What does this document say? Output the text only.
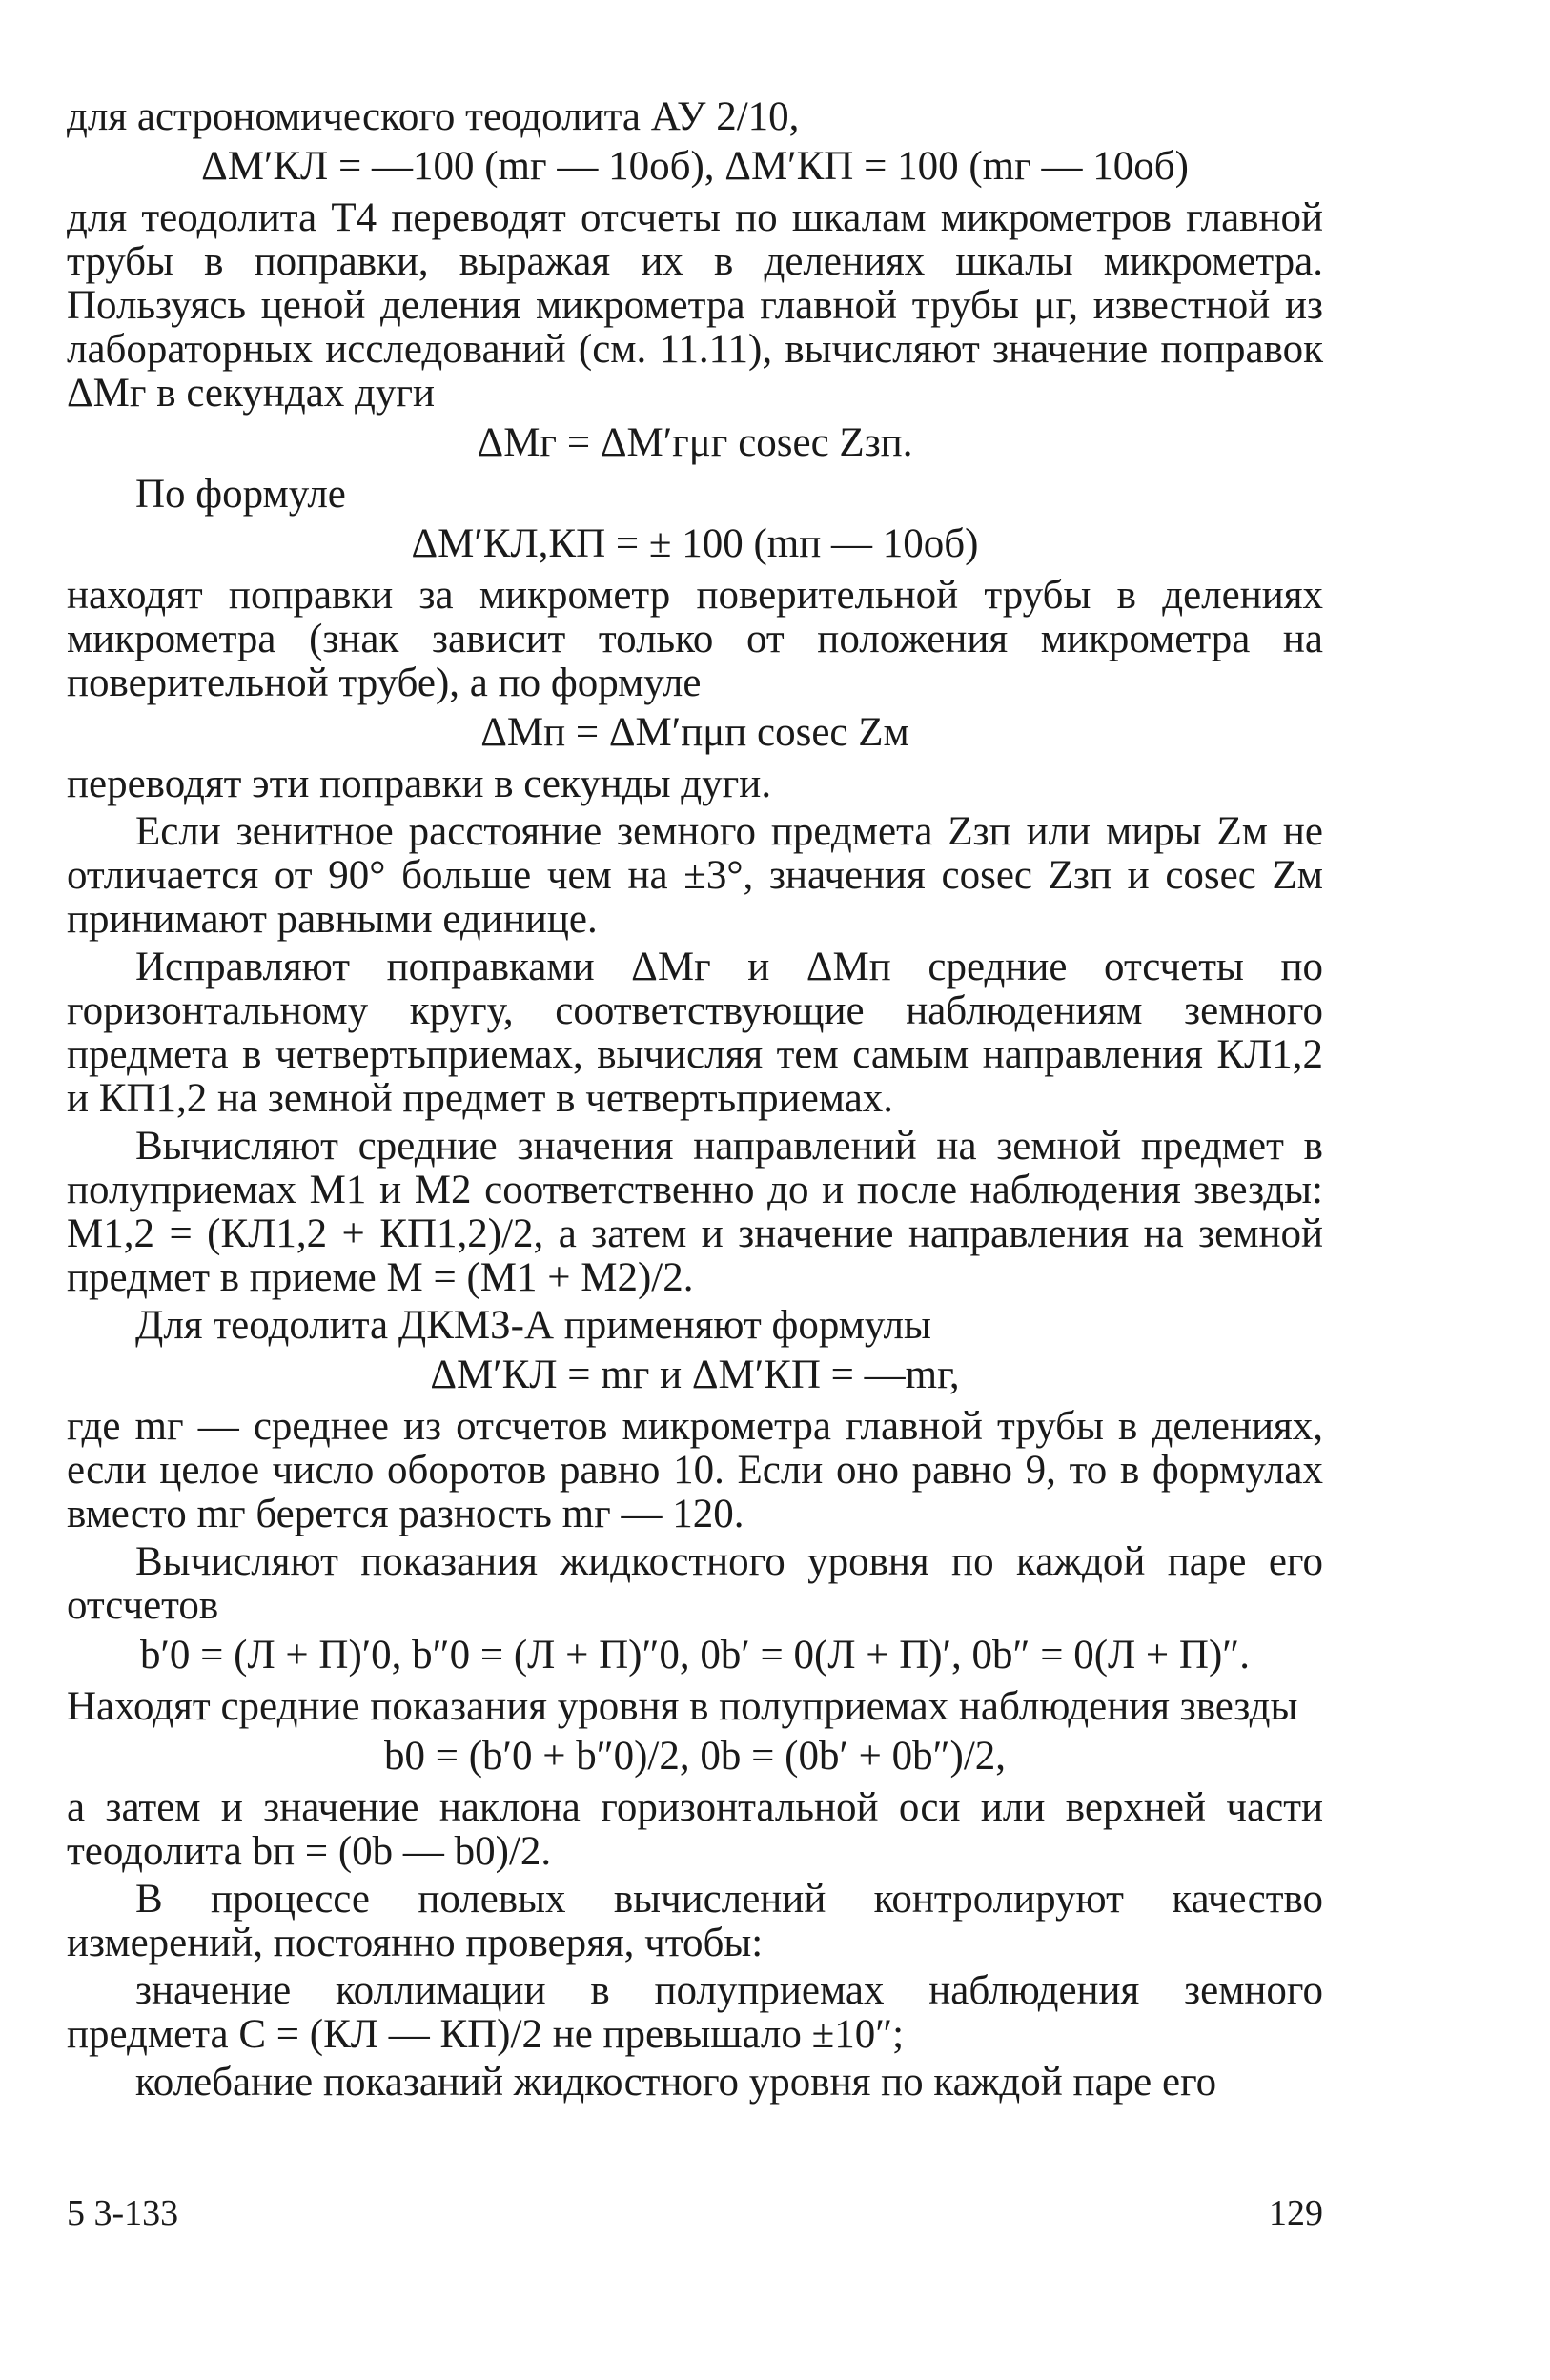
для астрономического теодолита АУ 2/10,
ΔM′КЛ = —100 (mг — 10об), ΔM′КП = 100 (mг — 10об)
для теодолита Т4 переводят отсчеты по шкалам микрометров главной трубы в поправки, выражая их в делениях шкалы микрометра. Пользуясь ценой деления микрометра главной трубы μг, известной из лабораторных исследований (см. 11.11), вычисляют значение поправок ΔMг в секундах дуги
ΔMг = ΔM′гμг cosec Zзп.
По формуле
ΔM′КЛ,КП = ± 100 (mп — 10об)
находят поправки за микрометр поверительной трубы в делениях микрометра (знак зависит только от положения микрометра на поверительной трубе), а по формуле
ΔMп = ΔM′пμп cosec Zм
переводят эти поправки в секунды дуги.
Если зенитное расстояние земного предмета Zзп или миры Zм не отличается от 90° больше чем на ±3°, значения cosec Zзп и cosec Zм принимают равными единице.
Исправляют поправками ΔMг и ΔMп средние отсчеты по горизонтальному кругу, соответствующие наблюдениям земного предмета в четвертьприемах, вычисляя тем самым направления КЛ1,2 и КП1,2 на земной предмет в четвертьприемах.
Вычисляют средние значения направлений на земной предмет в полуприемах M1 и M2 соответственно до и после наблюдения звезды: M1,2 = (КЛ1,2 + КП1,2)/2, а затем и значение направления на земной предмет в приеме M = (M1 + M2)/2.
Для теодолита ДКМЗ-А применяют формулы
ΔM′КЛ = mг и ΔM′КП = —mг,
где mг — среднее из отсчетов микрометра главной трубы в делениях, если целое число оборотов равно 10. Если оно равно 9, то в формулах вместо mг берется разность mг — 120.
Вычисляют показания жидкостного уровня по каждой паре его отсчетов
b′0 = (Л + П)′0, b″0 = (Л + П)″0, 0b′ = 0(Л + П)′, 0b″ = 0(Л + П)″.
Находят средние показания уровня в полуприемах наблюдения звезды
b0 = (b′0 + b″0)/2, 0b = (0b′ + 0b″)/2,
а затем и значение наклона горизонтальной оси или верхней части теодолита bп = (0b — b0)/2.
В процессе полевых вычислений контролируют качество измерений, постоянно проверяя, чтобы:
значение коллимации в полуприемах наблюдения земного предмета C = (КЛ — КП)/2 не превышало ±10″;
колебание показаний жидкостного уровня по каждой паре его
5 3-133	129
